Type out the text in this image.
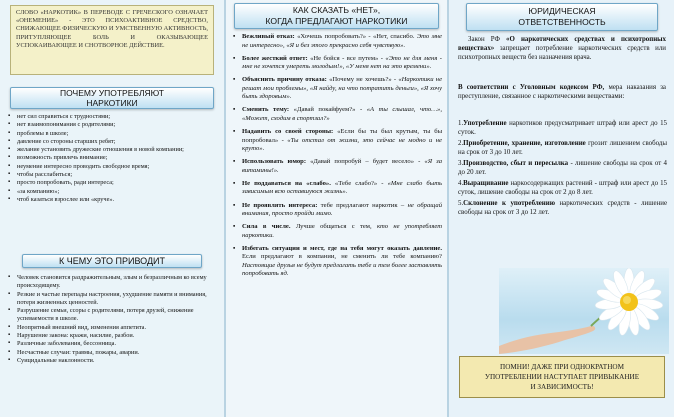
СЛОВО «НАРКОТИК» В ПЕРЕВОДЕ С ГРЕЧЕСКОГО ОЗНАЧАЕТ «ОНЕМЕНИЕ» - ЭТО ПСИХОАКТИВНОЕ СРЕДСТВО, СНИЖАЮЩЕЕ ФИЗИЧЕСКУЮ И УМСТВЕННУЮ АКТИВНОСТЬ, ПРИТУПЛЯЮЩЕЕ БОЛЬ И ОКАЗЫВАЮЩЕЕ УСПОКАИВАЮЩЕЕ И СНОТВОРНОЕ ДЕЙСТВИЕ.
ПОЧЕМУ УПОТРЕБЛЯЮТ НАРКОТИКИ
▪ нет сил справиться с трудностями;
▪ нет взаимопонимания с родителями;
▪ проблемы в школе;
▪ давление со стороны старших ребят;
▪ желание установить дружеские отношения в новой компании;
▪ возможность привлечь внимание;
▪ неумение интересно проводить свободное время;
▪ чтобы расслабиться;
▪ просто попробовать, ради интереса;
▪ «за компанию»;
▪ чтоб казаться взрослее или «круче».
К ЧЕМУ ЭТО ПРИВОДИТ
▪ Человек становится раздражительным, злым и безразличным ко всему происходящему.
▪ Резкие и частые перепады настроения, ухудшение памяти и внимания, потеря жизненных ценностей.
▪ Разрушение семьи, ссоры с родителями, потеря друзей, снижение успеваемости в школе.
▪ Неопрятный внешний вид, изменения аппетита.
▪ Нарушение закона: кражи, насилие, разбои.
▪ Различные заболевания, бессонница.
▪ Несчастные случаи: травмы, пожары, аварии.
▪ Суицидальные наклонности.
КАК СКАЗАТЬ «НЕТ»,
КОГДА ПРЕДЛАГАЮТ НАРКОТИКИ
▪ Вежливый отказ: «Хочешь попробовать?» - «Нет, спасибо. Это мне не интересно», «Я и без этого прекрасно себя чувствую».
▪ Более жесткий ответ: «Не бойся - все путем» - «Это не для меня - мне не хочется умереть молодым!», «У меня нет на это времени».
▪ Объяснить причину отказа: «Почему не хочешь?» - «Наркотики не решат мои проблемы», «Я найду, на что потратить деньги», «Я хочу быть здоровым».
▪ Сменить тему: «Давай покайфуем?» - «А ты слышал, что…», «Может, сходим в спортзал?»
▪ Надавить со своей стороны: «Если бы ты был крутым, ты бы попробовал» - «Ты отстал от жизни, это сейчас не модно и не круто».
▪ Использовать юмор: «Давай попробуй – будет весело» - «Я за витамины!».
▪ Не поддаваться на «слабо». «Тебе слабо?» - «Мне слабо быть зависимым всю оставшуюся жизнь».
▪ Не проявлять интереса: тебе предлагают наркотик – не обращай внимания, просто пройди мимо.
▪ Сила в числе. Лучше общаться с тем, кто не употребляет наркотики.
▪ Избегать ситуации и мест, где на тебя могут оказать давление. Если предлагают в компании, не сменить ли тебе компанию? Настоящие друзья не будут предлагать тебе и тем более заставлять попробовать яд.
ЮРИДИЧЕСКАЯ
ОТВЕТСТВЕННОСТЬ
Закон РФ «О наркотических средствах и психотропных веществах» запрещает потребление наркотических средств или психотропных веществ без назначения врача.
В соответствии с Уголовным кодексом РФ, мера наказания за преступление, связанное с наркотическими веществами:
1.Употребление наркотиков предусматривает штраф или арест до 15 суток.
2.Приобретение, хранение, изготовление грозит лишением свободы на срок от 3 до 10 лет.
3.Производство, сбыт и пересылка - лишение свободы на срок от 4 до 20 лет.
4.Выращивание наркосодержащих растений - штраф или арест до 15 суток, лишение свободы на срок от 2 до 8 лет.
5.Склонение к употреблению наркотических средств - лишение свободы на срок от 3 до 12 лет.
ПОМНИ! ДАЖЕ ПРИ ОДНОКРАТНОМ
УПОТРЕБЛЕНИИ НАСТУПАЕТ ПРИВЫКАНИЕ
И ЗАВИСИМОСТЬ!
